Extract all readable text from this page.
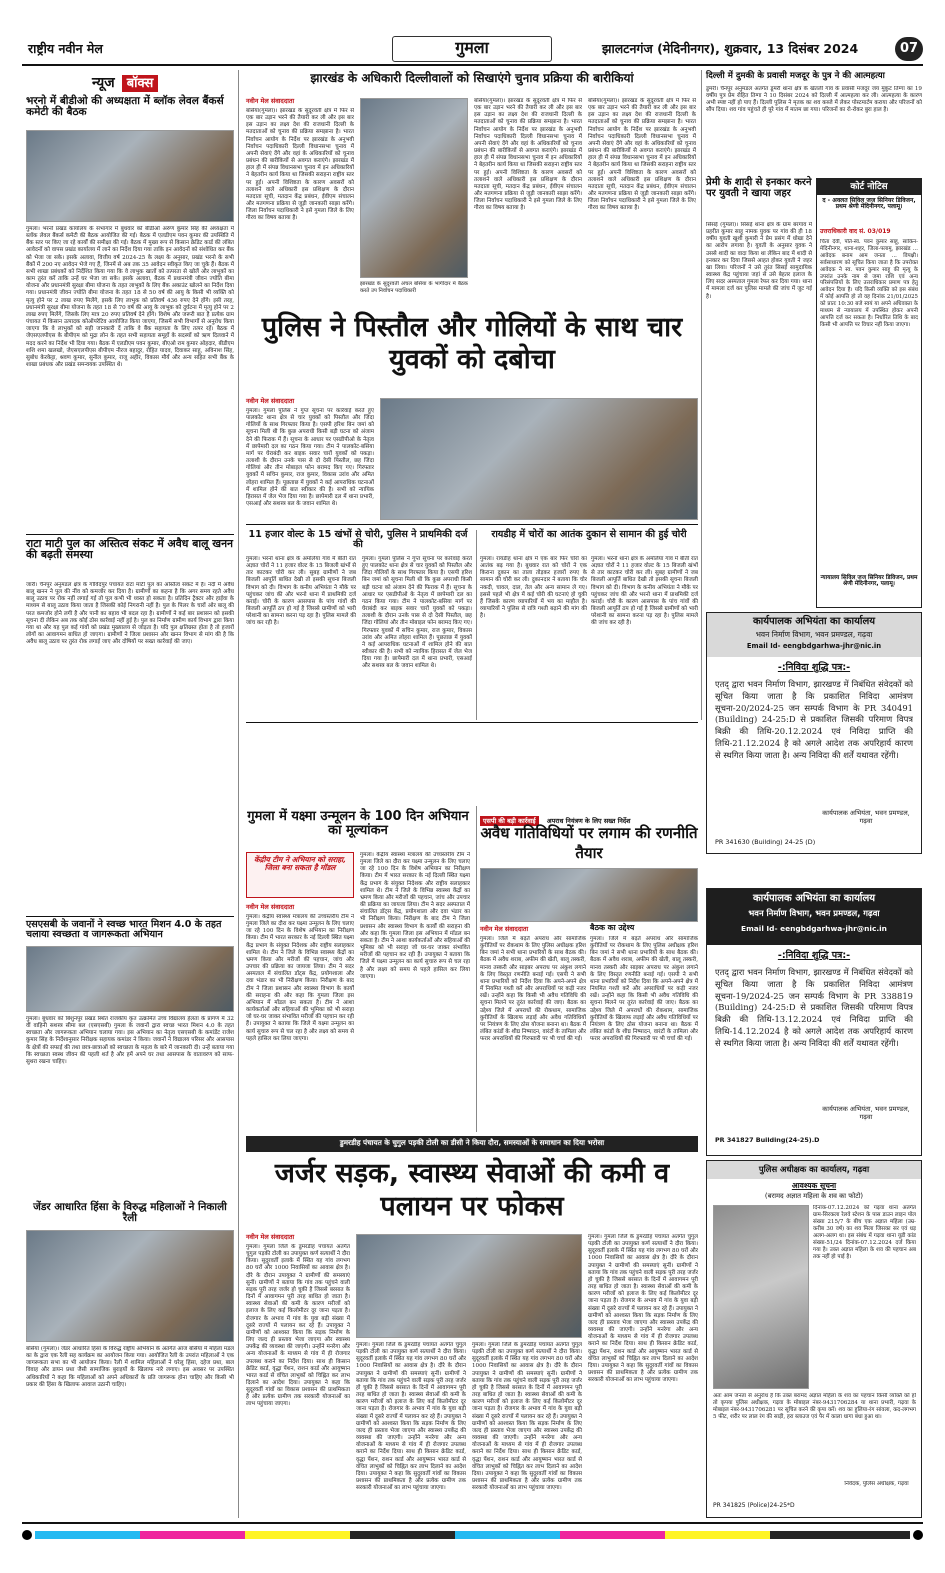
राष्ट्रीय नवीन मेल	गुमला	झालटनगंज (मेदिनीनगर), शुक्रवार, 13 दिसंबर 2024	07
न्यूज बॉक्स
भरनो में बीडीओ की अध्यक्षता में ब्लॉक लेवल बैंकर्स कमेटी की बैठक
गुमला। भरनो प्रखंड कार्यालय के सभागार में बुधवार को बीडीओ अरुण कुमार सिंह की अध्यक्षता में ब्लॉक लेवल बैंकर्स कमेटी की बैठक आयोजित की गई। बैठक में एलडीएम पवन कुमार की उपस्थिति में बैंक स्तर पर किए जा रहे कार्यों की समीक्षा की गई। बैठक में मुख्य रूप से किसान क्रेडिट कार्ड की लंबित आवेदनों को वापस प्रखंड कार्यालय में लाने का निर्देश दिया गया ताकि इन आवेदनों को संशोधित कर बैंक को भेजा जा सके। इसके अलावा, वित्तीय वर्ष 2024-25 के लक्ष्य के अनुसार, प्रखंड भरनो के सभी बैंकों में 200 नए आवेदन भेजे गए हैं, जिनमें से अब तक 35 आवेदन स्वीकृत किए जा चुके हैं। बैठक में सभी शाखा प्रबंधकों को निर्देशित किया गया कि वे लाभुक खातों को तत्परता से खोलें और लाभुकों का काम तुरंत करें ताकि उन्हें घर भेजा जा सके। इसके अलावा, बैठक में प्रधानमंत्री जीवन ज्योति बीमा योजना और प्रधानमंत्री सुरक्षा बीमा योजना के तहत लाभुकों के लिए बैंक अकाउंट खोलने का निर्देश दिया गया। प्रधानमंत्री जीवन ज्योति बीमा योजना के तहत 18 से 50 वर्ष की आयु के किसी भी व्यक्ति को मृत्यु होने पर 2 लाख रुपए मिलेंगे, इसके लिए लाभुक को प्रतिवर्ष 436 रुपए देने होंगे। इसी तरह, प्रधानमंत्री सुरक्षा बीमा योजना के तहत 18 से 70 वर्ष की आयु के लाभुक को दुर्घटना में मृत्यु होने पर 2 लाख रुपए मिलेंगे, जिसके लिए मात्र 20 रुपए प्रतिवर्ष देने होंगे। विशेष और जरूरी बात है प्रत्येक ग्राम पंचायत में किसान उत्पादक कोऑपरेटिव आयोजित किया जाएगा, जिसमें सभी विभागों से अनुरोध किया जाएगा कि वे लाभुकों को सही जानकारी दें ताकि वे बैंक सहायता के लिए तत्पर रहें। बैठक में जेएसएलपीएस के बीपीएम को मुद्रा लोन के तहत सभी सहायता समूहों के सदस्यों को ऋण दिलवाने में मदद करने का निर्देश भी दिया गया। बैठक में एलडीएम पवन कुमार, बीएओ राम कुमार ओहदार, बीडीएम शशि शमा खलखो, जेएसएलपीएस बीपीएम नीरज बहादुर, रोहित यादव, दिवाकर साहू, अविनाश सिंह, सुबोध केरकेट्टा, श्रवण कुमार, सुनील कुमार, राजू अहीर, विकास मौर्य और अन्य सहित सभी बैंक के शाखा प्रबंधक और प्रखंड समन्वयक उपस्थित थे।
राटा माटी पुल का अस्तित्व संकट में अवैध बालू खनन की बढ़ती समस्या
जारी। चैनपुर अनुमंडल क्षेत्र के गोविंदपुर पंचायत राटा माटी पुल का अस्तित्व संकट में है। नदी में अवैध बालू खनन ने पुल की नींव को कमजोर कर दिया है। ग्रामीणों का कहना है कि अगर समय रहते अवैध बालू उठाव पर रोक नहीं लगाई गई तो पुल कभी भी ध्वस्त हो सकता है। प्रतिदिन ट्रैक्टर और हाईवा के माध्यम से बालू उठाव किया जाता है जिसकी कोई निगरानी नहीं है। पुल के पिलर के चारों ओर बालू की परत कमजोर होने लगी है और पानी का बहाव भी बदल रहा है। ग्रामीणों ने कई बार प्रशासन को इसकी सूचना दी लेकिन अब तक कोई ठोस कार्रवाई नहीं हुई है। पुल का निर्माण ग्रामीण कार्य विभाग द्वारा किया गया था और यह पुल कई गांवों को प्रखंड मुख्यालय से जोड़ता है। यदि पुल क्षतिग्रस्त होता है तो हजारों लोगों का आवागमन बाधित हो जाएगा। ग्रामीणों ने जिला प्रशासन और खनन विभाग से मांग की है कि अवैध बालू उठाव पर तुरंत रोक लगाई जाए और दोषियों पर सख्त कार्रवाई की जाए।
एसएसबी के जवानों ने स्वच्छ भारत मिशन 4.0 के तहत चलाया स्वच्छता व जागरूकता अभियान
गुमला। बुधवार को बिशुनपुर प्रखंड स्थित राजकीय कृत उत्क्रमित उच्च विद्यालय हेलता के प्रांगण में 32 वीं वाहिनी सशस्त्र सीमा बल (एसएसबी) गुमला के जवानों द्वारा स्वच्छ भारत मिशन 4.0 के तहत स्वच्छता और जागरूकता अभियान चलाया गया। इस अभियान का नेतृत्व एसएसबी के कमांडेंट राजेश कुमार सिंह के निर्देशानुसार निरीक्षक सहायक कमांडर ने किया। जवानों ने विद्यालय परिसर और आसपास के क्षेत्रों की सफाई की तथा छात्र-छात्राओं को स्वच्छता के महत्व के बारे में जानकारी दी। उन्हें बताया गया कि स्वच्छता स्वस्थ जीवन की पहली शर्त है और हमें अपने घर तथा आसपास के वातावरण को साफ-सुथरा रखना चाहिए।
जेंडर आधारित हिंसा के विरुद्ध महिलाओं ने निकाली रैली
बसिया (गुमला)। जेंडर आधारित हिंसा के विरुद्ध राष्ट्रीय अभियान के अंतर्गत आज बसिया में महिला मंडल का के द्वारा एक रैली सह कार्यक्रम का आयोजन किया गया। आयोजित रैली के उपरांत महिलाओं ने एक जागरूकता सभा का भी आयोजन किया। रैली में शामिल महिलाओं ने घरेलू हिंसा, दहेज प्रथा, बाल विवाह और डायन प्रथा जैसी सामाजिक बुराइयों के खिलाफ नारे लगाए। इस अवसर पर उपस्थित अधिकारियों ने कहा कि महिलाओं को अपने अधिकारों के प्रति जागरूक होना चाहिए और किसी भी प्रकार की हिंसा के खिलाफ आवाज उठानी चाहिए।
झारखंड के अधिकारी दिल्लीवालों को सिखाएंगे चुनाव प्रक्रिया की बारीकियां
नवीन मेल संवाददाता
बसिया(गुमला)। झारखंड के सुदूरवर्ती क्षेत्र में फिर से एक बार उड़ान भरने की तैयारी कर ली और इस बार इस उड़ान का लक्ष्य देश की राजधानी दिल्ली के मतदाताओं को चुनाव की प्रक्रिया समझाना है। भारत निर्वाचन आयोग के निर्देश पर झारखंड के अनुभवी निर्वाचन पदाधिकारी दिल्ली विधानसभा चुनाव में अपनी सेवाएं देंगे और वहां के अधिकारियों को चुनाव प्रबंधन की बारीकियों से अवगत कराएंगे। झारखंड में हाल ही में संपन्न विधानसभा चुनाव में इन अधिकारियों ने बेहतरीन कार्य किया था जिसकी सराहना राष्ट्रीय स्तर पर हुई। अपनी विशिष्टता के कारण अवसरों को तलाशने वाले अधिकारी इस प्रशिक्षण के दौरान मतदाता सूची, मतदान केंद्र प्रबंधन, ईवीएम संचालन और मतगणना प्रक्रिया से जुड़ी जानकारी साझा करेंगे। जिला निर्वाचन पदाधिकारी ने इसे गुमला जिले के लिए गौरव का विषय बताया है।
झारखंड के सुदूरवर्ती अंचल बसिया के भागीदार में बैठक करते उप निर्वाचन पदाधिकारी
बसिया(गुमला)। झारखंड के सुदूरवर्ती क्षेत्र में फिर से एक बार उड़ान भरने की तैयारी कर ली और इस बार इस उड़ान का लक्ष्य देश की राजधानी दिल्ली के मतदाताओं को चुनाव की प्रक्रिया समझाना है। भारत निर्वाचन आयोग के निर्देश पर झारखंड के अनुभवी निर्वाचन पदाधिकारी दिल्ली विधानसभा चुनाव में अपनी सेवाएं देंगे और वहां के अधिकारियों को चुनाव प्रबंधन की बारीकियों से अवगत कराएंगे। झारखंड में हाल ही में संपन्न विधानसभा चुनाव में इन अधिकारियों ने बेहतरीन कार्य किया था जिसकी सराहना राष्ट्रीय स्तर पर हुई। अपनी विशिष्टता के कारण अवसरों को तलाशने वाले अधिकारी इस प्रशिक्षण के दौरान मतदाता सूची, मतदान केंद्र प्रबंधन, ईवीएम संचालन और मतगणना प्रक्रिया से जुड़ी जानकारी साझा करेंगे। जिला निर्वाचन पदाधिकारी ने इसे गुमला जिले के लिए गौरव का विषय बताया है।
बसिया(गुमला)। झारखंड के सुदूरवर्ती क्षेत्र में फिर से एक बार उड़ान भरने की तैयारी कर ली और इस बार इस उड़ान का लक्ष्य देश की राजधानी दिल्ली के मतदाताओं को चुनाव की प्रक्रिया समझाना है। भारत निर्वाचन आयोग के निर्देश पर झारखंड के अनुभवी निर्वाचन पदाधिकारी दिल्ली विधानसभा चुनाव में अपनी सेवाएं देंगे और वहां के अधिकारियों को चुनाव प्रबंधन की बारीकियों से अवगत कराएंगे। झारखंड में हाल ही में संपन्न विधानसभा चुनाव में इन अधिकारियों ने बेहतरीन कार्य किया था जिसकी सराहना राष्ट्रीय स्तर पर हुई। अपनी विशिष्टता के कारण अवसरों को तलाशने वाले अधिकारी इस प्रशिक्षण के दौरान मतदाता सूची, मतदान केंद्र प्रबंधन, ईवीएम संचालन और मतगणना प्रक्रिया से जुड़ी जानकारी साझा करेंगे। जिला निर्वाचन पदाधिकारी ने इसे गुमला जिले के लिए गौरव का विषय बताया है।
दिल्ली में दुमकी के प्रवासी मजदूर के पुत्र ने की आत्महत्या
डूमरी। चैनपुर अनुमंडल अंतर्गत डूमरी थाना क्षेत्र के खेतली गांव के प्रवासी मजदूर जय मुकुट तिग्गा का 19 वर्षीय पुत्र प्रेम रोहित तिग्गा ने 10 दिसंबर 2024 को दिल्ली में आत्महत्या कर ली। आत्महत्या के कारण अभी स्पष्ट नहीं हो पाए हैं। दिल्ली पुलिस ने मृतक का शव कब्जे में लेकर पोस्टमार्टम कराया और परिजनों को सौंप दिया। शव गांव पहुंचते ही पूरे गांव में मातम छा गया। परिजनों का रो-रोकर बुरा हाल है।
प्रेमी के शादी से इनकार करने पर युवती ने खाया जहर
सिसई (गुमला)। सिसई थाना क्षेत्र के ग्राम बरगांव में प्रहरीत कुमार साहू नामक युवक पर गांव की ही 18 वर्षीय युवती खुशी कुमारी ने प्रेम प्रसंग में धोखा देने का आरोप लगाया है। युवती के अनुसार युवक ने उससे शादी का वादा किया था लेकिन बाद में शादी से इनकार कर दिया जिससे आहत होकर युवती ने जहर खा लिया। परिजनों ने उसे तुरंत सिसई सामुदायिक स्वास्थ्य केंद्र पहुंचाया जहां से उसे बेहतर इलाज के लिए सदर अस्पताल गुमला रेफर कर दिया गया। थाना में मामला दर्ज कर पुलिस मामले की जांच में जुट गई है।
कोर्ट नोटिस
द - अवलत सिविल जज सिनियर डिविजन, प्रथम श्रेणी मेदिनीनगर, पलामू।
उत्तराधिकारी वाद सं. 03/019
चिंता देवी, पति-स्व. पवन कुमार साहू, साकिन-मेदिनीनगर, थाना-शहर, जिला-पलामू, झारखंड ... आवेदक बनाम आम जनता ... विपक्षी। सर्वसाधारण को सूचित किया जाता है कि उपरोक्त आवेदक ने स्व. पवन कुमार साहू की मृत्यु के उपरांत उनके नाम से जमा राशि एवं अन्य परिसंपत्तियों के लिए उत्तराधिकार प्रमाण पत्र हेतु आवेदन दिया है। यदि किसी व्यक्ति को इस संबंध में कोई आपत्ति हो तो वह दिनांक 21/01/2025 को प्रातः 10:30 बजे स्वयं या अपने अधिवक्ता के माध्यम से न्यायालय में उपस्थित होकर अपनी आपत्ति दर्ज कर सकता है। निर्धारित तिथि के बाद किसी भी आपत्ति पर विचार नहीं किया जाएगा।
न्यायालय सिविल जज सिनियर डिविजन, प्रथम श्रेणी मेदिनीनगर, पलामू।
पुलिस ने पिस्तौल और गोलियों के साथ चार युवकों को दबोचा
नवीन मेल संवाददाता
गुमला। गुमला पुलिस ने गुप्त सूचना पर कार्रवाई करते हुए पालकोट थाना क्षेत्र से चार युवकों को पिस्तौल और जिंदा गोलियों के साथ गिरफ्तार किया है। एसपी हरिश बिन जमां को सूचना मिली थी कि कुछ अपराधी किसी बड़ी घटना को अंजाम देने की फिराक में हैं। सूचना के आधार पर एसडीपीओ के नेतृत्व में छापेमारी दल का गठन किया गया। टीम ने पालकोट-बसिया मार्ग पर घेराबंदी कर बाइक सवार चारों युवकों को पकड़ा। तलाशी के दौरान उनके पास से दो देसी पिस्तौल, छह जिंदा गोलियां और तीन मोबाइल फोन बरामद किए गए। गिरफ्तार युवकों में सचिन कुमार, राज कुमार, विकास उरांव और अमित लोहरा शामिल हैं। पूछताछ में युवकों ने कई आपराधिक घटनाओं में शामिल होने की बात स्वीकार की है। सभी को न्यायिक हिरासत में जेल भेज दिया गया है। छापेमारी दल में थाना प्रभारी, एसआई और सशस्त्र बल के जवान शामिल थे।
11 हजार वोल्ट के 15 खंभों से चोरी, पुलिस ने प्राथमिकी दर्ज की
गुमला। भरनो थाना क्षेत्र के अमलिया गांव में बीती रात अज्ञात चोरों ने 11 हजार वोल्ट के 15 बिजली खंभों से तार काटकर चोरी कर ली। सुबह ग्रामीणों ने जब बिजली आपूर्ति बाधित देखी तो इसकी सूचना बिजली विभाग को दी। विभाग के कनीय अभियंता ने मौके पर पहुंचकर जांच की और भरनो थाना में प्राथमिकी दर्ज कराई। चोरी के कारण आसपास के पांच गांवों की बिजली आपूर्ति ठप हो गई है जिससे ग्रामीणों को भारी परेशानी का सामना करना पड़ रहा है। पुलिस मामले की जांच कर रही है।
गुमला। गुमला पुलिस ने गुप्त सूचना पर कार्रवाई करते हुए पालकोट थाना क्षेत्र से चार युवकों को पिस्तौल और जिंदा गोलियों के साथ गिरफ्तार किया है। एसपी हरिश बिन जमां को सूचना मिली थी कि कुछ अपराधी किसी बड़ी घटना को अंजाम देने की फिराक में हैं। सूचना के आधार पर एसडीपीओ के नेतृत्व में छापेमारी दल का गठन किया गया। टीम ने पालकोट-बसिया मार्ग पर घेराबंदी कर बाइक सवार चारों युवकों को पकड़ा। तलाशी के दौरान उनके पास से दो देसी पिस्तौल, छह जिंदा गोलियां और तीन मोबाइल फोन बरामद किए गए। गिरफ्तार युवकों में सचिन कुमार, राज कुमार, विकास उरांव और अमित लोहरा शामिल हैं। पूछताछ में युवकों ने कई आपराधिक घटनाओं में शामिल होने की बात स्वीकार की है। सभी को न्यायिक हिरासत में जेल भेज दिया गया है। छापेमारी दल में थाना प्रभारी, एसआई और सशस्त्र बल के जवान शामिल थे।
रायडीह में चोरों का आतंक दुकान से सामान की हुई चोरी
गुमला। रायडीह थाना क्षेत्र में एक बार फिर चोरों का आतंक बढ़ गया है। बुधवार रात को चोरों ने एक किराना दुकान का ताला तोड़कर हजारों रुपए के सामान की चोरी कर ली। दुकानदार ने बताया कि चोर नकदी, चावल, दाल, तेल और अन्य सामान ले गए। इससे पहले भी क्षेत्र में कई चोरी की घटनाएं हो चुकी हैं जिसके कारण व्यापारियों में भय का माहौल है। व्यापारियों ने पुलिस से रात्रि गश्ती बढ़ाने की मांग की है।
गुमला। भरनो थाना क्षेत्र के अमलिया गांव में बीती रात अज्ञात चोरों ने 11 हजार वोल्ट के 15 बिजली खंभों से तार काटकर चोरी कर ली। सुबह ग्रामीणों ने जब बिजली आपूर्ति बाधित देखी तो इसकी सूचना बिजली विभाग को दी। विभाग के कनीय अभियंता ने मौके पर पहुंचकर जांच की और भरनो थाना में प्राथमिकी दर्ज कराई। चोरी के कारण आसपास के पांच गांवों की बिजली आपूर्ति ठप हो गई है जिससे ग्रामीणों को भारी परेशानी का सामना करना पड़ रहा है। पुलिस मामले की जांच कर रही है।	कार्यपालक अभियंता का कार्यालय
भवन निर्माण विभाग, भवन प्रमण्डल, गढ़वा
Email Id- eengbdgarhwa-jhr@nic.in
-:निविदा शुद्धि पत्र:-
एतद् द्वारा भवन निर्माण विभाग, झारखण्ड में निबंधित संवेदकों को सूचित किया जाता है कि प्रकाशित निविदा आमंत्रण सूचना-20/2024-25 जन सम्पर्क विभाग के PR 340491 (Building) 24-25:D से प्रकाशित जिसकी परिमाण विपत्र बिक्री की तिथि-20.12.2024 एवं निविदा प्राप्ति की तिथि-21.12.2024 है को अगले आदेश तक अपरिहार्य कारण से स्थगित किया जाता है। अन्य निविदा की शर्तें यथावत रहेंगी।
कार्यपालक अभियंता, भवन प्रमण्डल, गढ़वा
PR 341630 (Building) 24-25 (D)
गुमला में यक्ष्मा उन्मूलन के 100 दिन अभियान का मूल्यांकन
केंद्रीय टीम ने अभियान को सराहा, जिला बना सकता है मॉडल
नवीन मेल संवाददाता
गुमला। केंद्रीय स्वास्थ्य मंत्रालय की उच्चस्तरीय टीम ने गुमला जिले का दौरा कर यक्ष्मा उन्मूलन के लिए चलाए जा रहे 100 दिन के विशेष अभियान का निरीक्षण किया। टीम में भारत सरकार के नई दिल्ली स्थित यक्ष्मा केंद्र प्रभाग के संयुक्त निदेशक और राष्ट्रीय सलाहकार शामिल थे। टीम ने जिले के विभिन्न स्वास्थ्य केंद्रों का भ्रमण किया और मरीजों की पहचान, जांच और उपचार की प्रक्रिया का जायजा लिया। टीम ने सदर अस्पताल में संचालित डॉट्स केंद्र, प्रयोगशाला और दवा भंडार का भी निरीक्षण किया। निरीक्षण के बाद टीम ने जिला प्रशासन और स्वास्थ्य विभाग के कार्यों की सराहना की और कहा कि गुमला जिला इस अभियान में मॉडल बन सकता है। टीम ने आशा कार्यकर्ताओं और सहियाओं की भूमिका को भी सराहा जो घर-घर जाकर संभावित मरीजों की पहचान कर रही हैं। उपायुक्त ने बताया कि जिले में यक्ष्मा उन्मूलन का कार्य सुचारु रूप से चल रहा है और लक्ष्य को समय से पहले हासिल कर लिया जाएगा।
गुमला। केंद्रीय स्वास्थ्य मंत्रालय की उच्चस्तरीय टीम ने गुमला जिले का दौरा कर यक्ष्मा उन्मूलन के लिए चलाए जा रहे 100 दिन के विशेष अभियान का निरीक्षण किया। टीम में भारत सरकार के नई दिल्ली स्थित यक्ष्मा केंद्र प्रभाग के संयुक्त निदेशक और राष्ट्रीय सलाहकार शामिल थे। टीम ने जिले के विभिन्न स्वास्थ्य केंद्रों का भ्रमण किया और मरीजों की पहचान, जांच और उपचार की प्रक्रिया का जायजा लिया। टीम ने सदर अस्पताल में संचालित डॉट्स केंद्र, प्रयोगशाला और दवा भंडार का भी निरीक्षण किया। निरीक्षण के बाद टीम ने जिला प्रशासन और स्वास्थ्य विभाग के कार्यों की सराहना की और कहा कि गुमला जिला इस अभियान में मॉडल बन सकता है। टीम ने आशा कार्यकर्ताओं और सहियाओं की भूमिका को भी सराहा जो घर-घर जाकर संभावित मरीजों की पहचान कर रही हैं। उपायुक्त ने बताया कि जिले में यक्ष्मा उन्मूलन का कार्य सुचारु रूप से चल रहा है और लक्ष्य को समय से पहले हासिल कर लिया जाएगा।
एसपी की बड़ी कार्रवाई अपराध नियंत्रण के लिए सख्त निर्देश
अवैध गतिविधियों पर लगाम की रणनीति तैयार
बैठक का उद्देश्य
नवीन मेल संवाददाता
गुमला। जिले में बढ़ते अपराध और सामाजिक कुरीतियों पर रोकथाम के लिए पुलिस अधीक्षक हरिश बिन जमां ने सभी थाना प्रभारियों के साथ बैठक की। बैठक में अवैध शराब, अफीम की खेती, बालू तस्करी, मानव तस्करी और साइबर अपराध पर अंकुश लगाने के लिए विस्तृत रणनीति बनाई गई। एसपी ने सभी थाना प्रभारियों को निर्देश दिया कि अपने-अपने क्षेत्र में नियमित गश्ती करें और अपराधियों पर कड़ी नजर रखें। उन्होंने कहा कि किसी भी अवैध गतिविधि की सूचना मिलने पर तुरंत कार्रवाई की जाए। बैठक का उद्देश्य जिले में अपराधों की रोकथाम, सामाजिक कुरीतियों के खिलाफ लड़ाई और अवैध गतिविधियों पर नियंत्रण के लिए ठोस योजना बनाना था। बैठक में लंबित कांडों के शीघ्र निष्पादन, वारंटों के तामिला और फरार अपराधियों की गिरफ्तारी पर भी चर्चा की गई।
गुमला। जिले में बढ़ते अपराध और सामाजिक कुरीतियों पर रोकथाम के लिए पुलिस अधीक्षक हरिश बिन जमां ने सभी थाना प्रभारियों के साथ बैठक की। बैठक में अवैध शराब, अफीम की खेती, बालू तस्करी, मानव तस्करी और साइबर अपराध पर अंकुश लगाने के लिए विस्तृत रणनीति बनाई गई। एसपी ने सभी थाना प्रभारियों को निर्देश दिया कि अपने-अपने क्षेत्र में नियमित गश्ती करें और अपराधियों पर कड़ी नजर रखें। उन्होंने कहा कि किसी भी अवैध गतिविधि की सूचना मिलने पर तुरंत कार्रवाई की जाए। बैठक का उद्देश्य जिले में अपराधों की रोकथाम, सामाजिक कुरीतियों के खिलाफ लड़ाई और अवैध गतिविधियों पर नियंत्रण के लिए ठोस योजना बनाना था। बैठक में लंबित कांडों के शीघ्र निष्पादन, वारंटों के तामिला और फरार अपराधियों की गिरफ्तारी पर भी चर्चा की गई।
कार्यपालक अभियंता का कार्यालय
भवन निर्माण विभाग, भवन प्रमण्डल, गढ़वा
Email Id- eengbdgarhwa-jhr@nic.in
-:निविदा शुद्धि पत्र:-
एतद् द्वारा भवन निर्माण विभाग, झारखण्ड में निबंधित संवेदकों को सूचित किया जाता है कि प्रकाशित निविदा आमंत्रण सूचना-19/2024-25 जन सम्पर्क विभाग के PR 338819 (Building) 24-25:D से प्रकाशित जिसकी परिमाण विपत्र बिक्री की तिथि-13.12.2024 एवं निविदा प्राप्ति की तिथि-14.12.2024 है को अगले आदेश तक अपरिहार्य कारण से स्थगित किया जाता है। अन्य निविदा की शर्तें यथावत रहेंगी।
कार्यपालक अभियंता, भवन प्रमण्डल, गढ़वा
PR 341827 Building(24-25).D
डुमरडीह पंचायत के चुगुल पड़की टोली का डीसी ने किया दौरा, समस्याओं के समाधान का दिया भरोसा
जर्जर सड़क, स्वास्थ्य सेवाओं की कमी व पलायन पर फोकस
नवीन मेल संवाददाता
गुमला। गुमला जिले के डुमरडीह पंचायत अंतर्गत चुगुल पड़की टोली का उपायुक्त कर्ण सत्यार्थी ने दौरा किया। सुदूरवर्ती इलाके में स्थित यह गांव लगभग 80 घरों और 1000 निवासियों का आवास क्षेत्र है। दौरे के दौरान उपायुक्त ने ग्रामीणों की समस्याएं सुनीं। ग्रामीणों ने बताया कि गांव तक पहुंचने वाली सड़क पूरी तरह जर्जर हो चुकी है जिससे बरसात के दिनों में आवागमन पूरी तरह बाधित हो जाता है। स्वास्थ्य सेवाओं की कमी के कारण मरीजों को इलाज के लिए कई किलोमीटर दूर जाना पड़ता है। रोजगार के अभाव में गांव के युवा बड़ी संख्या में दूसरे राज्यों में पलायन कर रहे हैं। उपायुक्त ने ग्रामीणों को आश्वस्त किया कि सड़क निर्माण के लिए जल्द ही प्रस्ताव भेजा जाएगा और स्वास्थ्य उपकेंद्र की व्यवस्था की जाएगी। उन्होंने मनरेगा और अन्य योजनाओं के माध्यम से गांव में ही रोजगार उपलब्ध कराने का निर्देश दिया। साथ ही किसान क्रेडिट कार्ड, वृद्धा पेंशन, राशन कार्ड और आयुष्मान भारत कार्ड से वंचित लाभुकों को चिह्नित कर लाभ दिलाने का आदेश दिया। उपायुक्त ने कहा कि सुदूरवर्ती गांवों का विकास प्रशासन की प्राथमिकता है और प्रत्येक ग्रामीण तक सरकारी योजनाओं का लाभ पहुंचाया जाएगा।
गुमला। गुमला जिले के डुमरडीह पंचायत अंतर्गत चुगुल पड़की टोली का उपायुक्त कर्ण सत्यार्थी ने दौरा किया। सुदूरवर्ती इलाके में स्थित यह गांव लगभग 80 घरों और 1000 निवासियों का आवास क्षेत्र है। दौरे के दौरान उपायुक्त ने ग्रामीणों की समस्याएं सुनीं। ग्रामीणों ने बताया कि गांव तक पहुंचने वाली सड़क पूरी तरह जर्जर हो चुकी है जिससे बरसात के दिनों में आवागमन पूरी तरह बाधित हो जाता है। स्वास्थ्य सेवाओं की कमी के कारण मरीजों को इलाज के लिए कई किलोमीटर दूर जाना पड़ता है। रोजगार के अभाव में गांव के युवा बड़ी संख्या में दूसरे राज्यों में पलायन कर रहे हैं। उपायुक्त ने ग्रामीणों को आश्वस्त किया कि सड़क निर्माण के लिए जल्द ही प्रस्ताव भेजा जाएगा और स्वास्थ्य उपकेंद्र की व्यवस्था की जाएगी। उन्होंने मनरेगा और अन्य योजनाओं के माध्यम से गांव में ही रोजगार उपलब्ध कराने का निर्देश दिया। साथ ही किसान क्रेडिट कार्ड, वृद्धा पेंशन, राशन कार्ड और आयुष्मान भारत कार्ड से वंचित लाभुकों को चिह्नित कर लाभ दिलाने का आदेश दिया। उपायुक्त ने कहा कि सुदूरवर्ती गांवों का विकास प्रशासन की प्राथमिकता है और प्रत्येक ग्रामीण तक सरकारी योजनाओं का लाभ पहुंचाया जाएगा।
गुमला। गुमला जिले के डुमरडीह पंचायत अंतर्गत चुगुल पड़की टोली का उपायुक्त कर्ण सत्यार्थी ने दौरा किया। सुदूरवर्ती इलाके में स्थित यह गांव लगभग 80 घरों और 1000 निवासियों का आवास क्षेत्र है। दौरे के दौरान उपायुक्त ने ग्रामीणों की समस्याएं सुनीं। ग्रामीणों ने बताया कि गांव तक पहुंचने वाली सड़क पूरी तरह जर्जर हो चुकी है जिससे बरसात के दिनों में आवागमन पूरी तरह बाधित हो जाता है। स्वास्थ्य सेवाओं की कमी के कारण मरीजों को इलाज के लिए कई किलोमीटर दूर जाना पड़ता है। रोजगार के अभाव में गांव के युवा बड़ी संख्या में दूसरे राज्यों में पलायन कर रहे हैं। उपायुक्त ने ग्रामीणों को आश्वस्त किया कि सड़क निर्माण के लिए जल्द ही प्रस्ताव भेजा जाएगा और स्वास्थ्य उपकेंद्र की व्यवस्था की जाएगी। उन्होंने मनरेगा और अन्य योजनाओं के माध्यम से गांव में ही रोजगार उपलब्ध कराने का निर्देश दिया। साथ ही किसान क्रेडिट कार्ड, वृद्धा पेंशन, राशन कार्ड और आयुष्मान भारत कार्ड से वंचित लाभुकों को चिह्नित कर लाभ दिलाने का आदेश दिया। उपायुक्त ने कहा कि सुदूरवर्ती गांवों का विकास प्रशासन की प्राथमिकता है और प्रत्येक ग्रामीण तक सरकारी योजनाओं का लाभ पहुंचाया जाएगा।
गुमला। गुमला जिले के डुमरडीह पंचायत अंतर्गत चुगुल पड़की टोली का उपायुक्त कर्ण सत्यार्थी ने दौरा किया। सुदूरवर्ती इलाके में स्थित यह गांव लगभग 80 घरों और 1000 निवासियों का आवास क्षेत्र है। दौरे के दौरान उपायुक्त ने ग्रामीणों की समस्याएं सुनीं। ग्रामीणों ने बताया कि गांव तक पहुंचने वाली सड़क पूरी तरह जर्जर हो चुकी है जिससे बरसात के दिनों में आवागमन पूरी तरह बाधित हो जाता है। स्वास्थ्य सेवाओं की कमी के कारण मरीजों को इलाज के लिए कई किलोमीटर दूर जाना पड़ता है। रोजगार के अभाव में गांव के युवा बड़ी संख्या में दूसरे राज्यों में पलायन कर रहे हैं। उपायुक्त ने ग्रामीणों को आश्वस्त किया कि सड़क निर्माण के लिए जल्द ही प्रस्ताव भेजा जाएगा और स्वास्थ्य उपकेंद्र की व्यवस्था की जाएगी। उन्होंने मनरेगा और अन्य योजनाओं के माध्यम से गांव में ही रोजगार उपलब्ध कराने का निर्देश दिया। साथ ही किसान क्रेडिट कार्ड, वृद्धा पेंशन, राशन कार्ड और आयुष्मान भारत कार्ड से वंचित लाभुकों को चिह्नित कर लाभ दिलाने का आदेश दिया। उपायुक्त ने कहा कि सुदूरवर्ती गांवों का विकास प्रशासन की प्राथमिकता है और प्रत्येक ग्रामीण तक सरकारी योजनाओं का लाभ पहुंचाया जाएगा।
पुलिस अधीक्षक का कार्यालय, गढ़वा
आवश्यक सूचना
(बरामद अज्ञात महिला के शव का फोटो)
दिनांक-07.12.2024 को गढ़वा थाना अंतर्गत ग्राम-सिरकला रेलवे स्टेशन के पास डाउन लाइन पोल संख्या 215/7 के बीच एक अज्ञात महिला (उम्र-करीब 30 वर्ष) का शव मिला जिसका सर एवं धड़ अलग-अलग था। इस संबंध में गढ़वा थाना यूडी कांड संख्या-51/24 दिनांक-07.12.2024 दर्ज किया गया है। उक्त अज्ञात महिला के शव की पहचान अब तक नहीं हो पाई है।
अतः आम जनता से अनुरोध है कि उक्त बरामद अज्ञात महिला के शव का पहचान किसी व्यक्ति को हो तो कृपया पुलिस अधीक्षक, गढ़वा के मोबाइल नंबर-9431706284 या थाना प्रभारी, गढ़वा के मोबाइल नंबर-9431706281 पर सूचित करने की कृपा करें। शव का हुलिया-रंग सांवला, कद-लगभग 5 फीट, शरीर पर लाल रंग की साड़ी, हरा ब्लाउज एवं पैर में काला धागा बंधा हुआ था।
निवेदक, पुलिस अधीक्षक, गढ़वा
PR 341825 (Police)24-25*D
